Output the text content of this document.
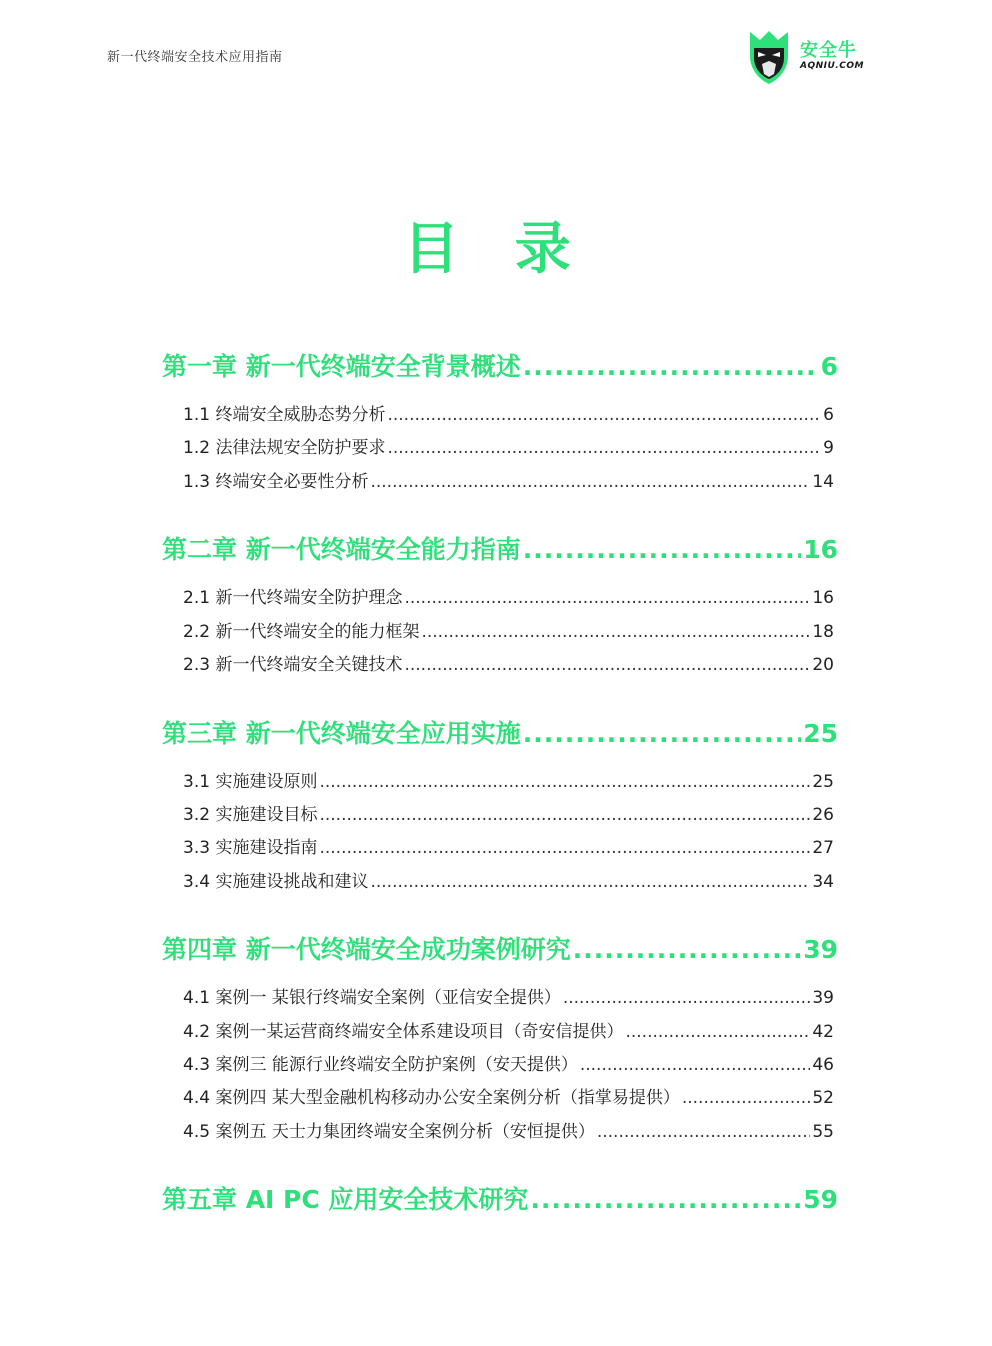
新一代终端安全技术应用指南	安全牛
AQNIU.COM
目 录
第一章 新一代终端安全背景概述 .....	6
1.1 终端安全威胁态势分析 .....	6
1.2 法律法规安全防护要求 .....	9
1.3 终端安全必要性分析 .....	14
第二章 新一代终端安全能力指南 .....	16
2.1 新一代终端安全防护理念 .....	16
2.2 新一代终端安全的能力框架 .....	18
2.3 新一代终端安全关键技术 .....	20
第三章 新一代终端安全应用实施 .....	25
3.1 实施建设原则 .....	25
3.2 实施建设目标 .....	26
3.3 实施建设指南 .....	27
3.4 实施建设挑战和建议 .....	34
第四章 新一代终端安全成功案例研究 .....	39
4.1 案例一 某银行终端安全案例（亚信安全提供） .....	39
4.2 案例一某运营商终端安全体系建设项目（奇安信提供） .....	42
4.3 案例三 能源行业终端安全防护案例（安天提供） .....	46
4.4 案例四 某大型金融机构移动办公安全案例分析（指掌易提供） .....	52
4.5 案例五 天士力集团终端安全案例分析（安恒提供） .....	55
第五章 AI PC 应用安全技术研究 .....	59
